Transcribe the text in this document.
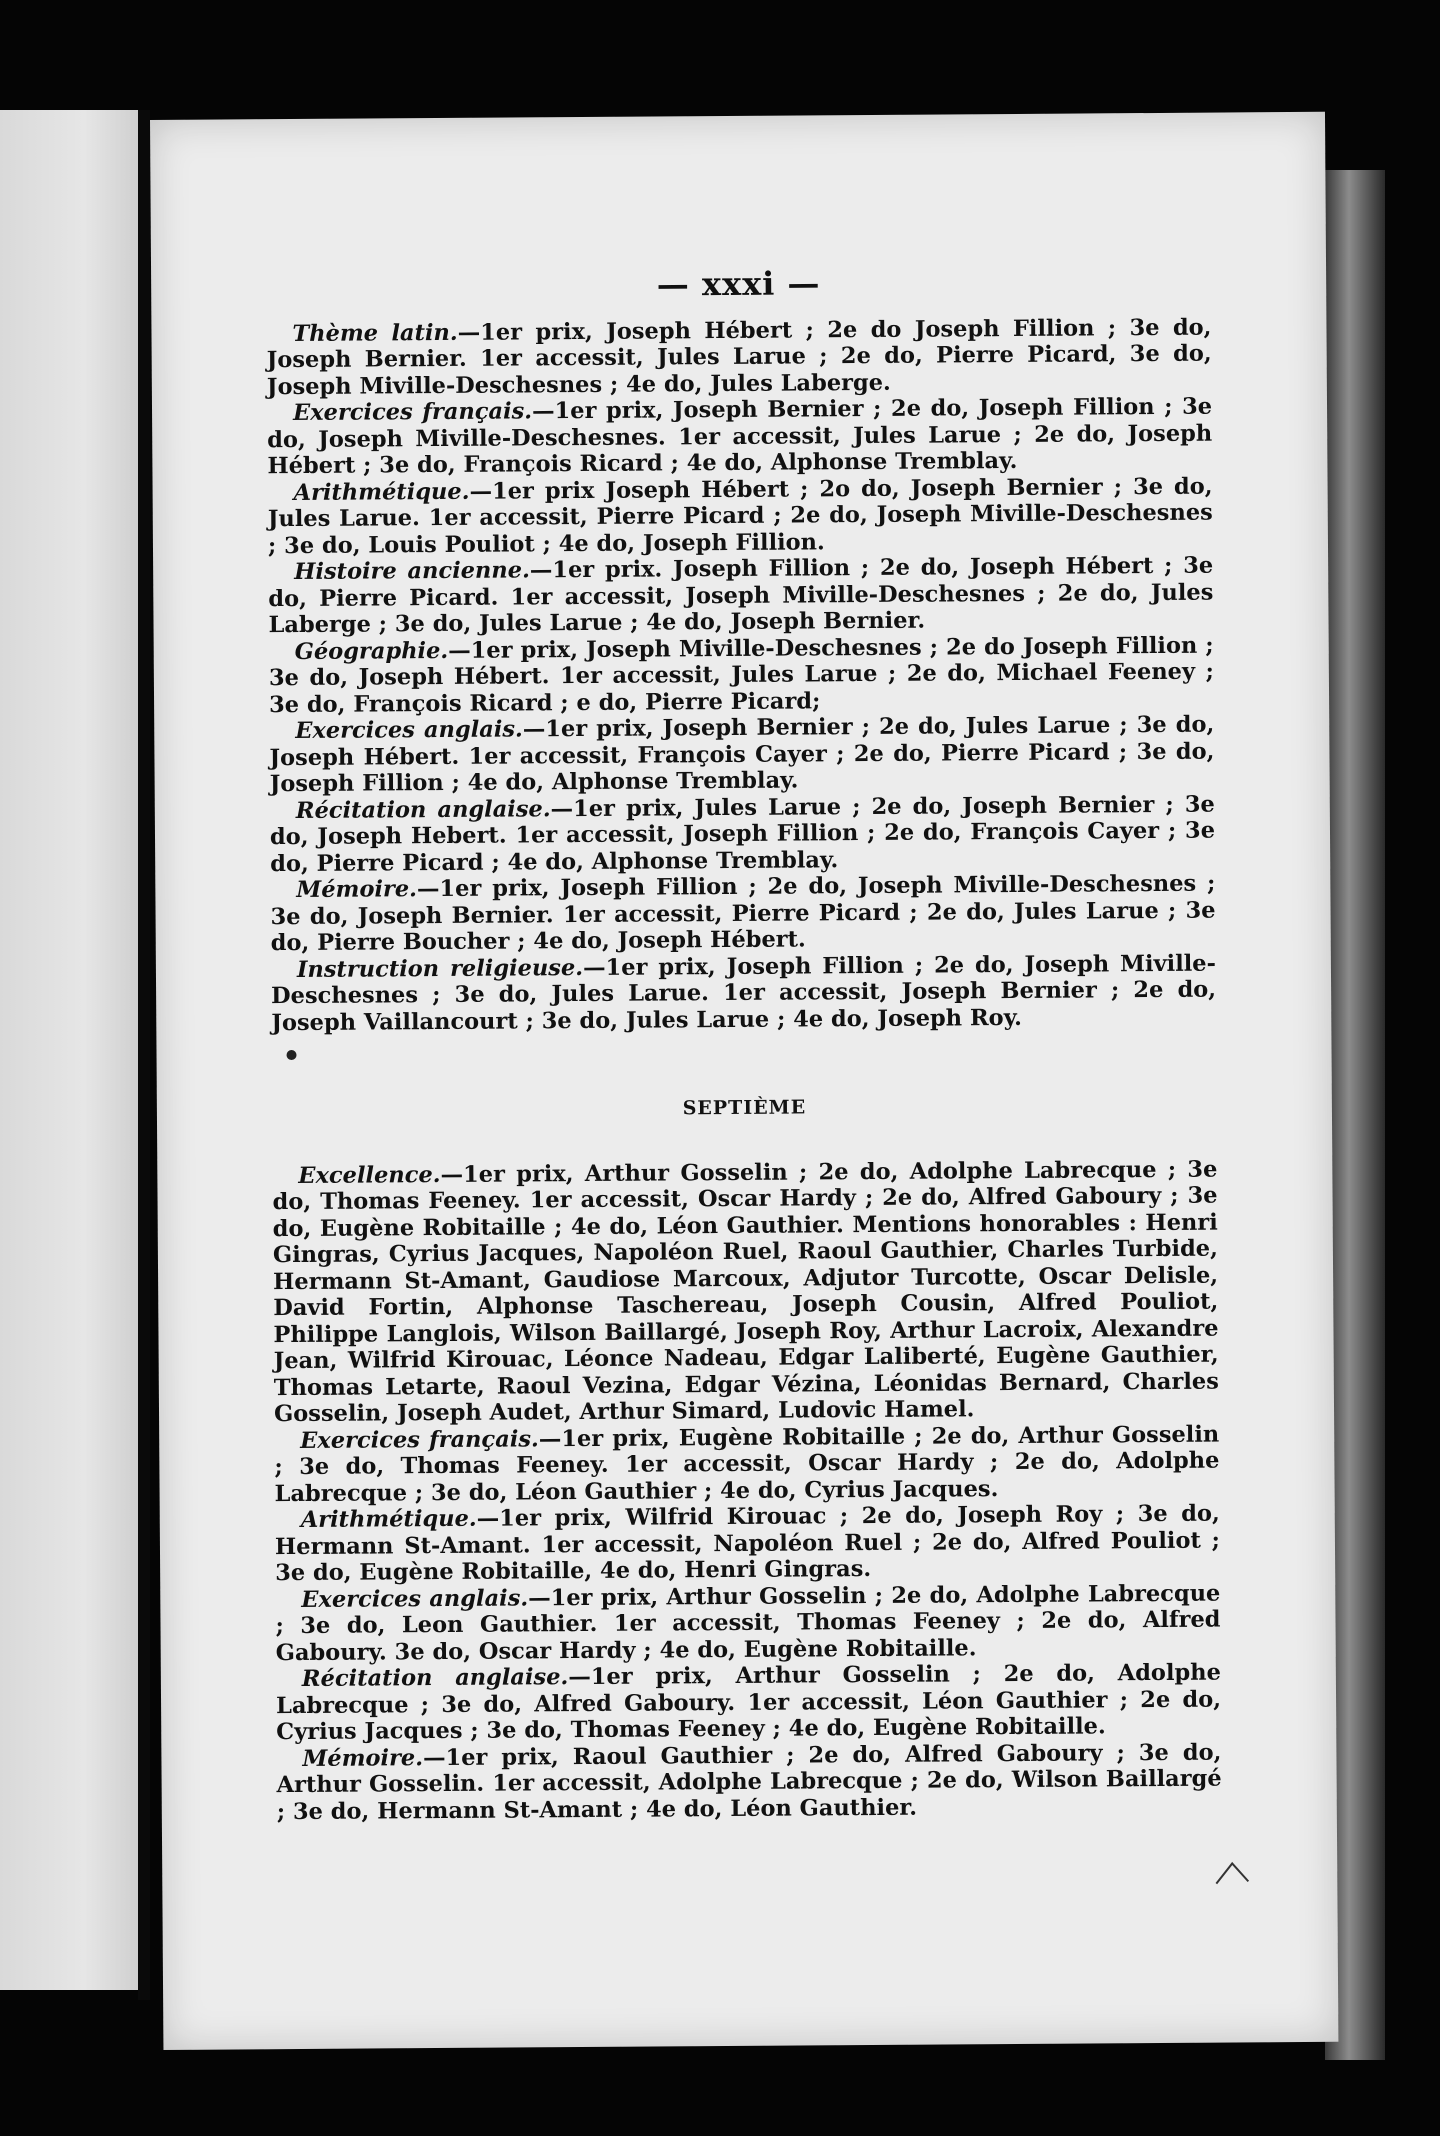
— xxxi —

Thème latin.—1er prix, Joseph Hébert ; 2e do Joseph Fillion ; 3e do, Joseph Bernier. 1er accessit, Jules Larue ; 2e do, Pierre Picard, 3e do, Joseph Miville-Deschesnes ; 4e do, Jules Laberge.

Exercices français.—1er prix, Joseph Bernier ; 2e do, Joseph Fillion ; 3e do, Joseph Miville-Deschesnes. 1er accessit, Jules Larue ; 2e do, Joseph Hébert ; 3e do, François Ricard ; 4e do, Alphonse Tremblay.

Arithmétique.—1er prix Joseph Hébert ; 2o do, Joseph Bernier ; 3e do, Jules Larue. 1er accessit, Pierre Picard ; 2e do, Joseph Miville-Deschesnes ; 3e do, Louis Pouliot ; 4e do, Joseph Fillion.

Histoire ancienne.—1er prix. Joseph Fillion ; 2e do, Joseph Hébert ; 3e do, Pierre Picard. 1er accessit, Joseph Miville-Deschesnes ; 2e do, Jules Laberge ; 3e do, Jules Larue ; 4e do, Joseph Bernier.

Géographie.—1er prix, Joseph Miville-Deschesnes ; 2e do Joseph Fillion ; 3e do, Joseph Hébert. 1er accessit, Jules Larue ; 2e do, Michael Feeney ; 3e do, François Ricard ; e do, Pierre Picard;

Exercices anglais.—1er prix, Joseph Bernier ; 2e do, Jules Larue ; 3e do, Joseph Hébert. 1er accessit, François Cayer ; 2e do, Pierre Picard ; 3e do, Joseph Fillion ; 4e do, Alphonse Tremblay.

Récitation anglaise.—1er prix, Jules Larue ; 2e do, Joseph Bernier ; 3e do, Joseph Hebert. 1er accessit, Joseph Fillion ; 2e do, François Cayer ; 3e do, Pierre Picard ; 4e do, Alphonse Tremblay.

Mémoire.—1er prix, Joseph Fillion ; 2e do, Joseph Miville-Deschesnes ; 3e do, Joseph Bernier. 1er accessit, Pierre Picard ; 2e do, Jules Larue ; 3e do, Pierre Boucher ; 4e do, Joseph Hébert.

Instruction religieuse.—1er prix, Joseph Fillion ; 2e do, Joseph Miville-Deschesnes ; 3e do, Jules Larue. 1er accessit, Joseph Bernier ; 2e do, Joseph Vaillancourt ; 3e do, Jules Larue ; 4e do, Joseph Roy.

SEPTIÈME

Excellence.—1er prix, Arthur Gosselin ; 2e do, Adolphe Labrecque ; 3e do, Thomas Feeney. 1er accessit, Oscar Hardy ; 2e do, Alfred Gaboury ; 3e do, Eugène Robitaille ; 4e do, Léon Gauthier. Mentions honorables : Henri Gingras, Cyrius Jacques, Napoléon Ruel, Raoul Gauthier, Charles Turbide, Hermann St-Amant, Gaudiose Marcoux, Adjutor Turcotte, Oscar Delisle, David Fortin, Alphonse Taschereau, Joseph Cousin, Alfred Pouliot, Philippe Langlois, Wilson Baillargé, Joseph Roy, Arthur Lacroix, Alexandre Jean, Wilfrid Kirouac, Léonce Nadeau, Edgar Laliberté, Eugène Gauthier, Thomas Letarte, Raoul Vezina, Edgar Vézina, Léonidas Bernard, Charles Gosselin, Joseph Audet, Arthur Simard, Ludovic Hamel.

Exercices français.—1er prix, Eugène Robitaille ; 2e do, Arthur Gosselin ; 3e do, Thomas Feeney. 1er accessit, Oscar Hardy ; 2e do, Adolphe Labrecque ; 3e do, Léon Gauthier ; 4e do, Cyrius Jacques.

Arithmétique.—1er prix, Wilfrid Kirouac ; 2e do, Joseph Roy ; 3e do, Hermann St-Amant. 1er accessit, Napoléon Ruel ; 2e do, Alfred Pouliot ; 3e do, Eugène Robitaille, 4e do, Henri Gingras.

Exercices anglais.—1er prix, Arthur Gosselin ; 2e do, Adolphe Labrecque ; 3e do, Leon Gauthier. 1er accessit, Thomas Feeney ; 2e do, Alfred Gaboury. 3e do, Oscar Hardy ; 4e do, Eugène Robitaille.

Récitation anglaise.—1er prix, Arthur Gosselin ; 2e do, Adolphe Labrecque ; 3e do, Alfred Gaboury. 1er accessit, Léon Gauthier ; 2e do, Cyrius Jacques ; 3e do, Thomas Feeney ; 4e do, Eugène Robitaille.

Mémoire.—1er prix, Raoul Gauthier ; 2e do, Alfred Gaboury ; 3e do, Arthur Gosselin. 1er accessit, Adolphe Labrecque ; 2e do, Wilson Baillargé ; 3e do, Hermann St-Amant ; 4e do, Léon Gauthier.
